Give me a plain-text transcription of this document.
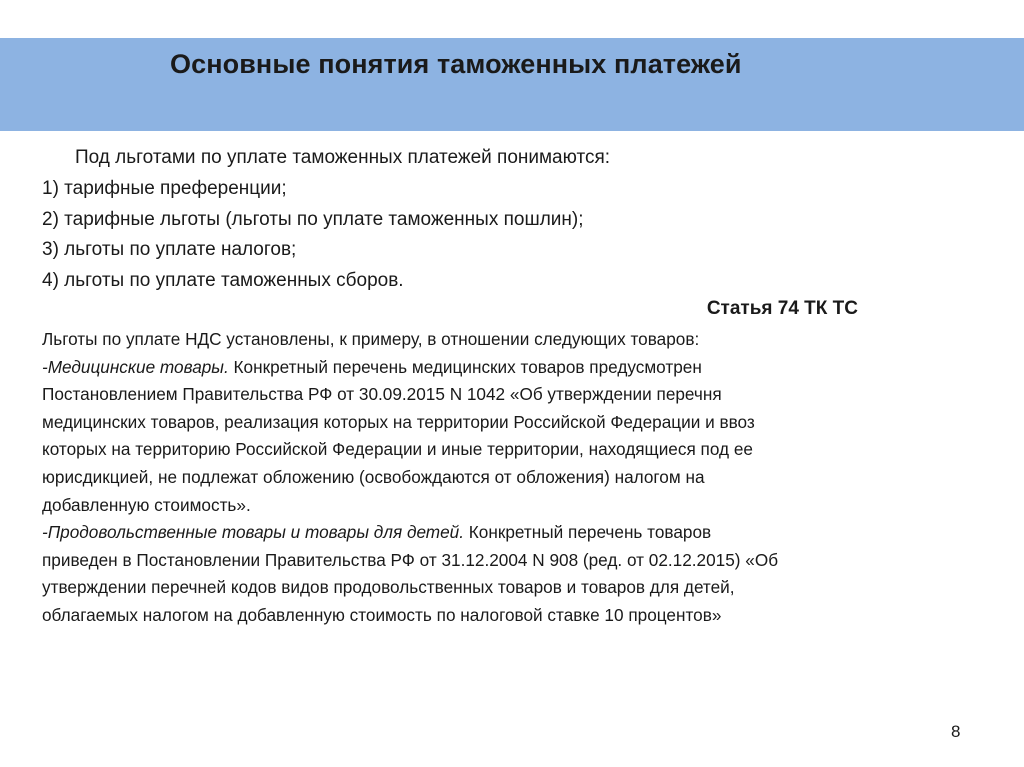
Основные понятия таможенных платежей
Под льготами по уплате таможенных платежей понимаются:
1) тарифные преференции;
2) тарифные льготы (льготы по уплате таможенных пошлин);
3) льготы по уплате налогов;
4) льготы по уплате таможенных сборов.
Статья 74 ТК ТС

Льготы по уплате НДС установлены, к примеру, в отношении следующих товаров:

-Медицинские товары. Конкретный перечень медицинских товаров предусмотрен
Постановлением Правительства РФ от 30.09.2015 N 1042 «Об утверждении перечня
медицинских товаров, реализация которых на территории Российской Федерации и ввоз
которых на территорию Российской Федерации и иные территории, находящиеся под ее
юрисдикцией, не подлежат обложению (освобождаются от обложения) налогом на
добавленную стоимость».

-Продовольственные товары и товары для детей. Конкретный перечень товаров
приведен в Постановлении Правительства РФ от 31.12.2004 N 908 (ред. от 02.12.2015) «Об
утверждении перечней кодов видов продовольственных товаров и товаров для детей,
облагаемых налогом на добавленную стоимость по налоговой ставке 10 процентов»

8
